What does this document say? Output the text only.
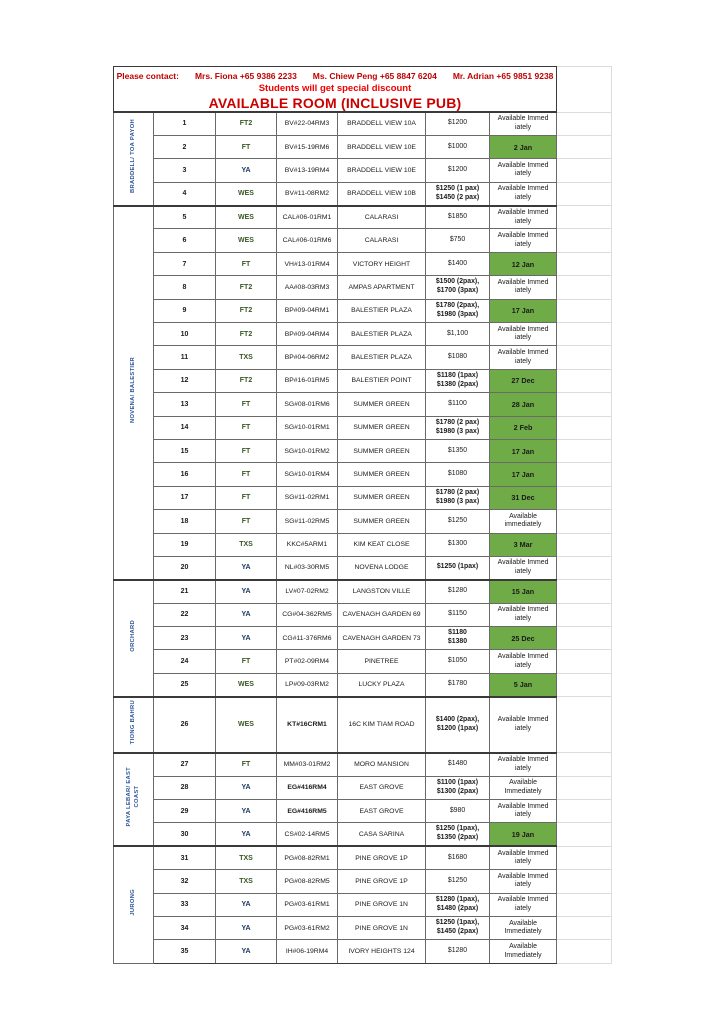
Please contact: Mrs. Fiona +65 9386 2233 Ms. Chiew Peng +65 8847 6204 Mr. Adrian +65 9851 9238
Students will get special discount
AVAILABLE ROOM (INCLUSIVE PUB)

BRADDELL/ TOA PAYOH	1	FT2	BV#22-04RM3	BRADDELL VIEW 10A	$1200	Available Immed
iately	
	2	FT	BV#15-19RM6	BRADDELL VIEW 10E	$1000	2 Jan	
	3	YA	BV#13-19RM4	BRADDELL VIEW 10E	$1200	Available Immed
iately	
	4	WES	BV#11-08RM2	BRADDELL VIEW 10B	$1250 (1 pax)
$1450 (2 pax)	Available Immed
iately	

NOVENA/ BALESTIER	5	WES	CAL#06-01RM1	CALARASI	$1850	Available Immed
iately	
	6	WES	CAL#06-01RM6	CALARASI	$750	Available Immed
iately	
	7	FT	VH#13-01RM4	VICTORY HEIGHT	$1400	12 Jan	
	8	FT2	AA#08-03RM3	AMPAS APARTMENT	$1500 (2pax),
$1700 (3pax)	Available Immed
iately	
	9	FT2	BP#09-04RM1	BALESTIER PLAZA	$1780 (2pax),
$1980 (3pax)	17 Jan	
	10	FT2	BP#09-04RM4	BALESTIER PLAZA	$1,100	Available Immed
iately	
	11	TXS	BP#04-06RM2	BALESTIER PLAZA	$1080	Available Immed
iately	
	12	FT2	BP#16-01RM5	BALESTIER POINT	$1180 (1pax)
$1380 (2pax)	27 Dec	
	13	FT	SG#08-01RM6	SUMMER GREEN	$1100	28 Jan	
	14	FT	SG#10-01RM1	SUMMER GREEN	$1780 (2 pax)
$1980 (3 pax)	2 Feb	
	15	FT	SG#10-01RM2	SUMMER GREEN	$1350	17 Jan	
	16	FT	SG#10-01RM4	SUMMER GREEN	$1080	17 Jan	
	17	FT	SG#11-02RM1	SUMMER GREEN	$1780 (2 pax)
$1980 (3 pax)	31 Dec	
	18	FT	SG#11-02RM5	SUMMER GREEN	$1250	Available
immediately	
	19	TXS	KKC#5ARM1	KIM KEAT CLOSE	$1300	3 Mar	
	20	YA	NL#03-30RM5	NOVENA LODGE	$1250 (1pax)	Available Immed
iately	

ORCHARD	21	YA	LV#07-02RM2	LANGSTON VILLE	$1280	15 Jan	
	22	YA	CG#04-362RM5	CAVENAGH GARDEN 69	$1150	Available Immed
iately	
	23	YA	CG#11-376RM6	CAVENAGH GARDEN 73	$1180
$1380	25 Dec	
	24	FT	PT#02-09RM4	PINETREE	$1050	Available Immed
iately	
	25	WES	LP#09-03RM2	LUCKY PLAZA	$1780	5 Jan	

TIONG BAHRU	26	WES	KT#16CRM1	16C KIM TIAM ROAD	$1400 (2pax),
$1200 (1pax)	Available Immed
iately	

PAYA LEBAR/ EAST COAST	27	FT	MM#03-01RM2	MORO MANSION	$1480	Available Immed
iately	
	28	YA	EG#416RM4	EAST GROVE	$1100 (1pax)
$1300 (2pax)	Available
Immediately	
	29	YA	EG#416RM5	EAST GROVE	$980	Available Immed
iately	
	30	YA	CS#02-14RM5	CASA SARINA	$1250 (1pax),
$1350 (2pax)	19 Jan	

JURONG	31	TXS	PG#08-82RM1	PINE GROVE 1P	$1680	Available Immed
iately	
	32	TXS	PG#08-82RM5	PINE GROVE 1P	$1250	Available Immed
iately	
	33	YA	PG#03-61RM1	PINE GROVE 1N	$1280 (1pax),
$1480 (2pax)	Available Immed
iately	
	34	YA	PG#03-61RM2	PINE GROVE 1N	$1250 (1pax),
$1450 (2pax)	Available
Immediately	
	35	YA	IH#06-19RM4	IVORY HEIGHTS 124	$1280	Available
Immediately	
